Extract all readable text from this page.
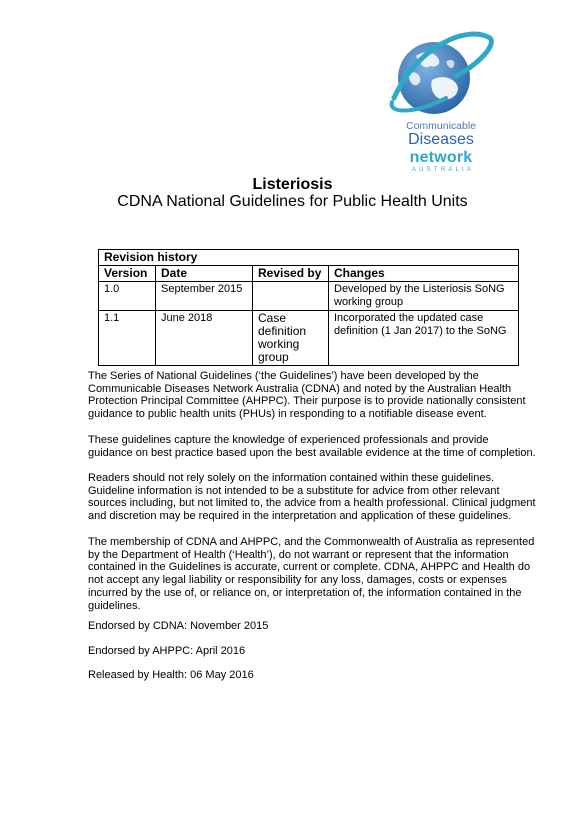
Communicable
Diseases
network
AUSTRALIA
Listeriosis
CDNA National Guidelines for Public Health Units
Revision history			
Version	Date	Revised by	Changes
1.0	September 2015		Developed by the Listeriosis SoNG working group
1.1	June 2018	Case definition working group	Incorporated the updated case definition (1 Jan 2017) to the SoNG
The Series of National Guidelines (‘the Guidelines’) have been developed by the Communicable Diseases Network Australia (CDNA) and noted by the Australian Health Protection Principal Committee (AHPPC). Their purpose is to provide nationally consistent guidance to public health units (PHUs) in responding to a notifiable disease event.
These guidelines capture the knowledge of experienced professionals and provide guidance on best practice based upon the best available evidence at the time of completion.
Readers should not rely solely on the information contained within these guidelines. Guideline information is not intended to be a substitute for advice from other relevant sources including, but not limited to, the advice from a health professional. Clinical judgment and discretion may be required in the interpretation and application of these guidelines.
The membership of CDNA and AHPPC, and the Commonwealth of Australia as represented by the Department of Health (‘Health’), do not warrant or represent that the information contained in the Guidelines is accurate, current or complete. CDNA, AHPPC and Health do not accept any legal liability or responsibility for any loss, damages, costs or expenses incurred by the use of, or reliance on, or interpretation of, the information contained in the guidelines.
Endorsed by CDNA: November 2015
Endorsed by AHPPC: April 2016
Released by Health: 06 May 2016
